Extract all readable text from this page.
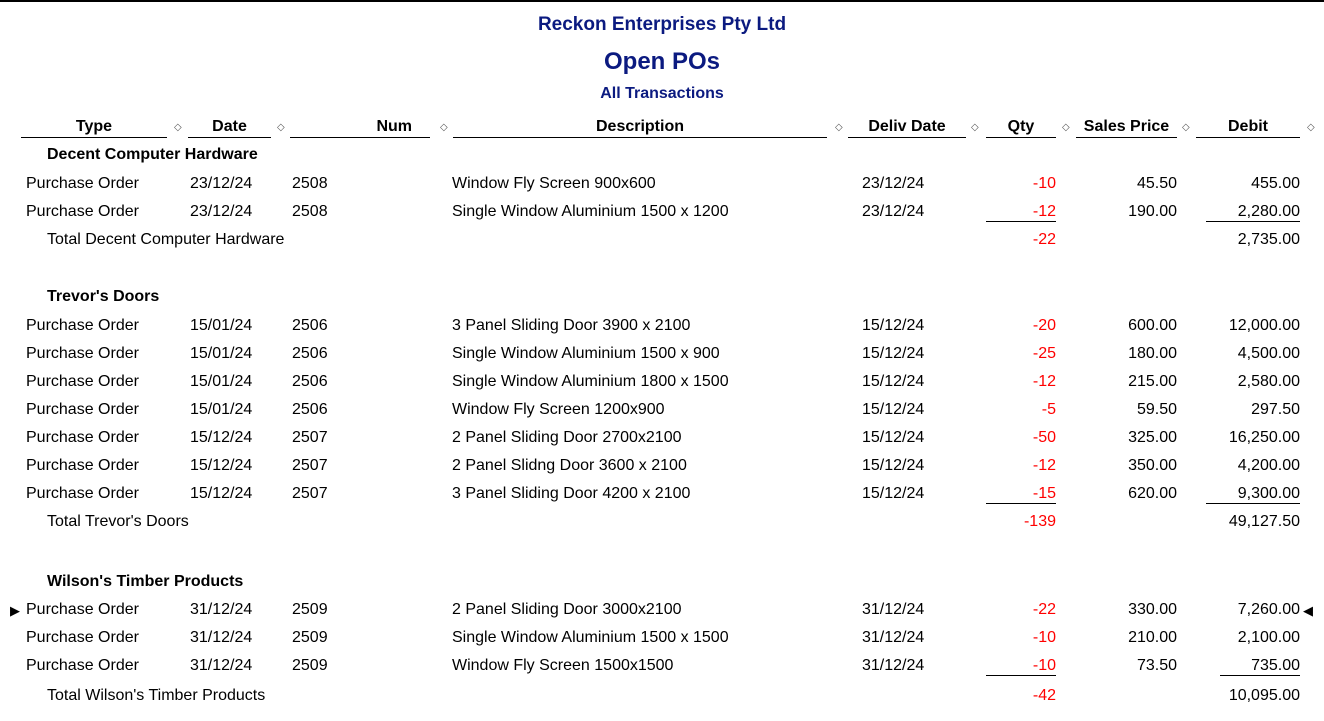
Reckon Enterprises Pty Ltd
Open POs
All Transactions
Type	◇	Date	◇	Num	◇	Description	◇	Deliv Date	◇	Qty	◇ Sales Price	◇	Debit	◇
Decent Computer Hardware
Purchase Order	23/12/24 2508	Window Fly Screen 900x600	23/12/24	-10	45.50	455.00
Purchase Order	23/12/24 2508	Single Window Aluminium 1500 x 1200	23/12/24	-12	190.00	2,280.00
Total Decent Computer Hardware	-22	2,735.00
Trevor's Doors
Purchase Order	15/01/24 2506	3 Panel Sliding Door 3900 x 2100	15/12/24	-20	600.00	12,000.00
Purchase Order	15/01/24 2506	Single Window Aluminium 1500 x 900	15/12/24	-25	180.00	4,500.00
Purchase Order	15/01/24 2506	Single Window Aluminium 1800 x 1500	15/12/24	-12	215.00	2,580.00
Purchase Order	15/01/24 2506	Window Fly Screen 1200x900	15/12/24	-5	59.50	297.50
Purchase Order	15/12/24 2507	2 Panel Sliding Door 2700x2100	15/12/24	-50	325.00	16,250.00
Purchase Order	15/12/24 2507	2 Panel Slidng Door 3600 x 2100	15/12/24	-12	350.00	4,200.00
Purchase Order	15/12/24 2507	3 Panel Sliding Door 4200 x 2100	15/12/24	-15	620.00	9,300.00
Total Trevor's Doors	-139	49,127.50
Wilson's Timber Products
▶ Purchase Order	31/12/24 2509	2 Panel Sliding Door 3000x2100	31/12/24	-22	330.00	7,260.00 ◀
Purchase Order	31/12/24 2509	Single Window Aluminium 1500 x 1500	31/12/24	-10	210.00	2,100.00
Purchase Order	31/12/24 2509	Window Fly Screen 1500x1500	31/12/24	-10	73.50	735.00
Total Wilson's Timber Products	-42	10,095.00
